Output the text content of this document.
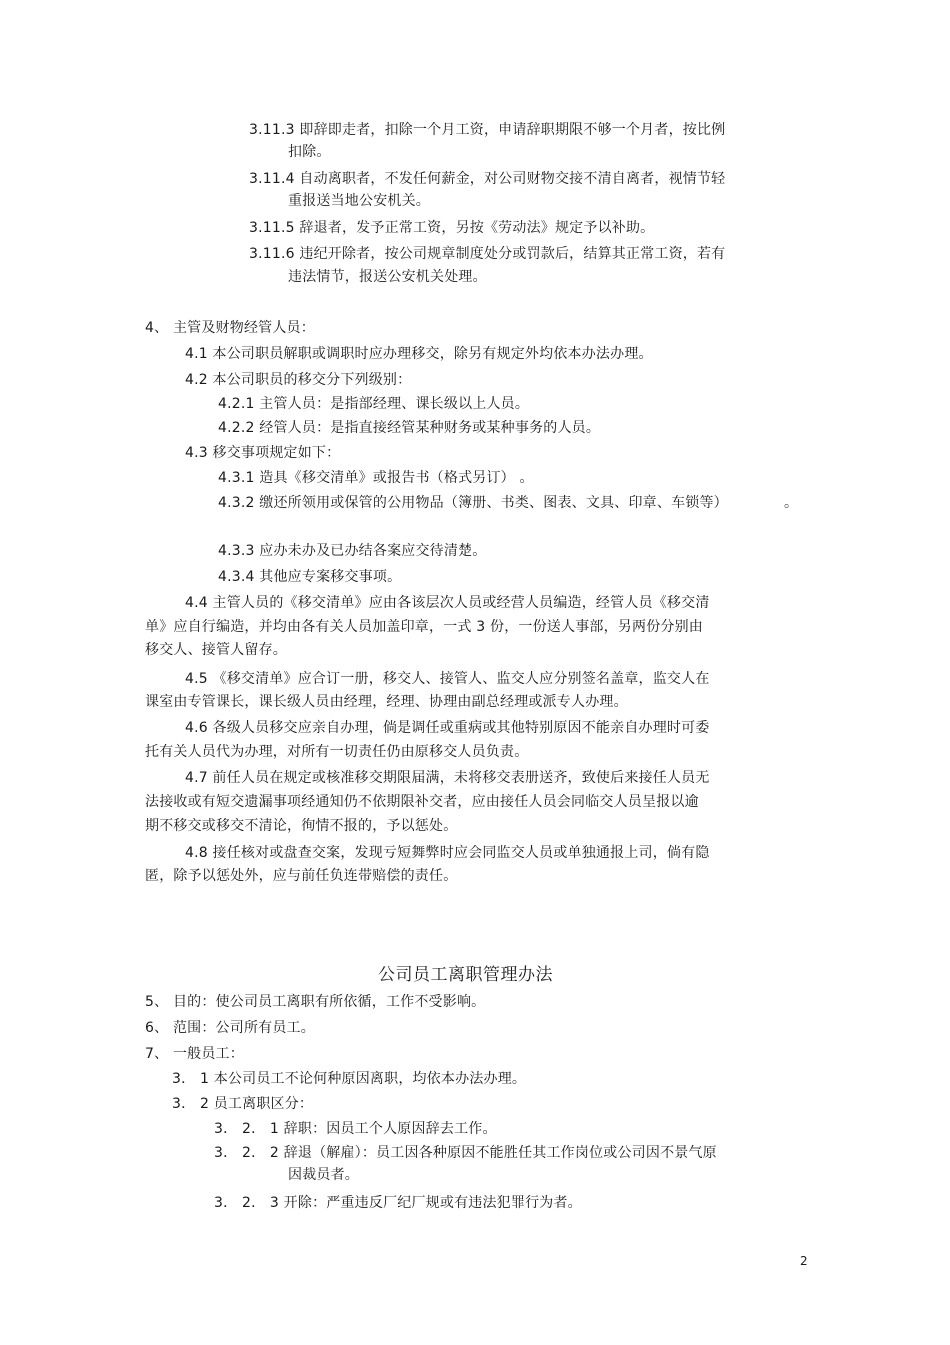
3.11.3 即辞即走者，扣除一个月工资，申请辞职期限不够一个月者，按比例
扣除。
3.11.4 自动离职者，不发任何薪金，对公司财物交接不清自离者，视情节轻
重报送当地公安机关。
3.11.5 辞退者，发予正常工资，另按《劳动法》规定予以补助。
3.11.6 违纪开除者，按公司规章制度处分或罚款后，结算其正常工资，若有
违法情节，报送公安机关处理。
4、 主管及财物经管人员：
4.1 本公司职员解职或调职时应办理移交，除另有规定外均依本办法办理。
4.2 本公司职员的移交分下列级别：
4.2.1 主管人员：是指部经理、课长级以上人员。
4.2.2 经管人员：是指直接经管某种财务或某种事务的人员。
4.3 移交事项规定如下：
4.3.1 造具《移交清单》或报告书（格式另订） 。
4.3.2 缴还所领用或保管的公用物品（簿册、书类、图表、文具、印章、车锁等）	。
4.3.3 应办未办及已办结各案应交待清楚。
4.3.4 其他应专案移交事项。
4.4 主管人员的《移交清单》应由各该层次人员或经营人员编造，经管人员《移交清
单》应自行编造，并均由各有关人员加盖印章，一式 3 份，一份送人事部，另两份分别由
移交人、接管人留存。
4.5 《移交清单》应合订一册，移交人、接管人、监交人应分别签名盖章，监交人在
课室由专管课长，课长级人员由经理，经理、协理由副总经理或派专人办理。
4.6 各级人员移交应亲自办理，倘是调任或重病或其他特别原因不能亲自办理时可委
托有关人员代为办理，对所有一切责任仍由原移交人员负责。
4.7 前任人员在规定或核准移交期限届满，未将移交表册送齐，致使后来接任人员无
法接收或有短交遗漏事项经通知仍不依期限补交者，应由接任人员会同临交人员呈报以逾
期不移交或移交不清论，徇情不报的，予以惩处。
4.8 接任核对或盘查交案，发现亏短舞弊时应会同监交人员或单独通报上司，倘有隐
匿，除予以惩处外，应与前任负连带赔偿的责任。
公司员工离职管理办法
5、 目的：使公司员工离职有所依循，工作不受影响。
6、 范围：公司所有员工。
7、 一般员工：
3． 1 本公司员工不论何种原因离职，均依本办法办理。
3． 2 员工离职区分：
3． 2． 1 辞职：因员工个人原因辞去工作。
3． 2． 2 辞退（解雇）：员工因各种原因不能胜任其工作岗位或公司因不景气原
因裁员者。
3． 2． 3 开除：严重违反厂纪厂规或有违法犯罪行为者。
2
